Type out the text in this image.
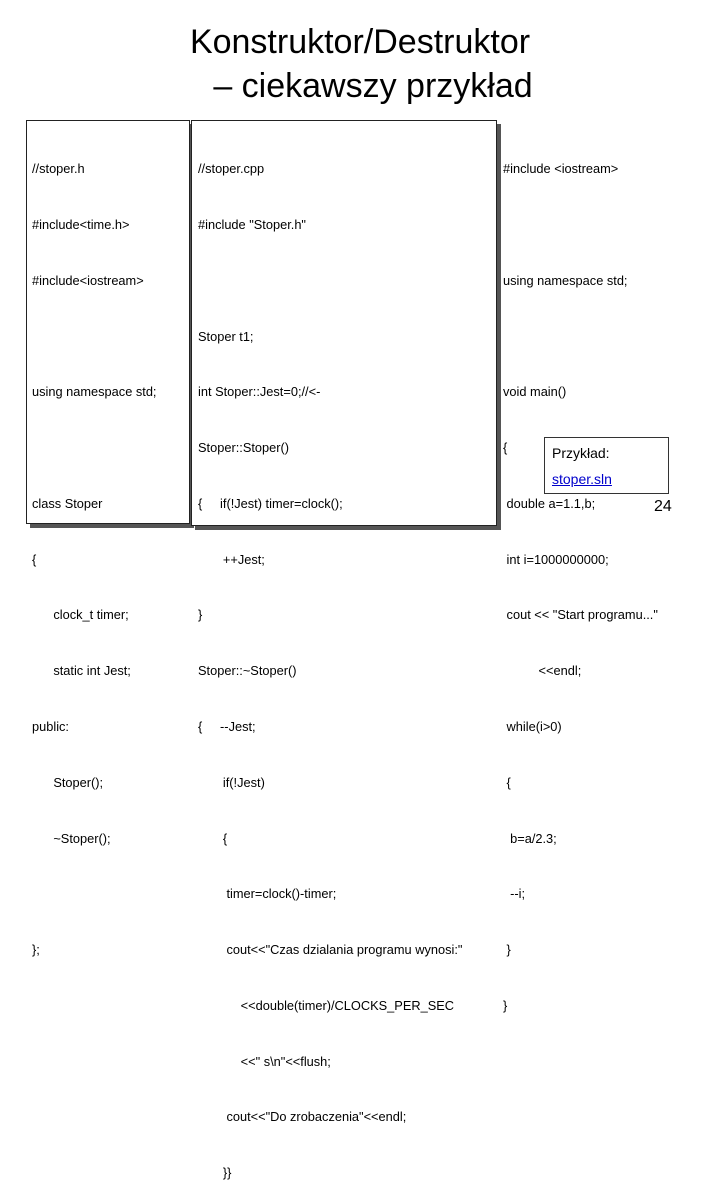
Konstruktor/Destruktor
– ciekawszy przykład

//stoper.h

#include<time.h>

#include<iostream>

using namespace std;

class Stoper

{

clock_t timer;

static int Jest;

public:

Stoper();

~Stoper();

};

//stoper.cpp

#include "Stoper.h"

Stoper t1;

int Stoper::Jest=0;//<-

Stoper::Stoper()

{     if(!Jest) timer=clock();

++Jest;

}

Stoper::~Stoper()

{     --Jest;

if(!Jest)

{

timer=clock()-timer;

cout<<"Czas dzialania programu wynosi:"

<<double(timer)/CLOCKS_PER_SEC

<<" s\n"<<flush;

cout<<"Do zrobaczenia"<<endl;

}}

#include <iostream>

using namespace std;

void main()

{

double a=1.1,b;

int i=1000000000;

cout << "Start programu..."

<<endl;

while(i>0)

{

b=a/2.3;

--i;

}

}

Przykład:
stoper.sln
24
